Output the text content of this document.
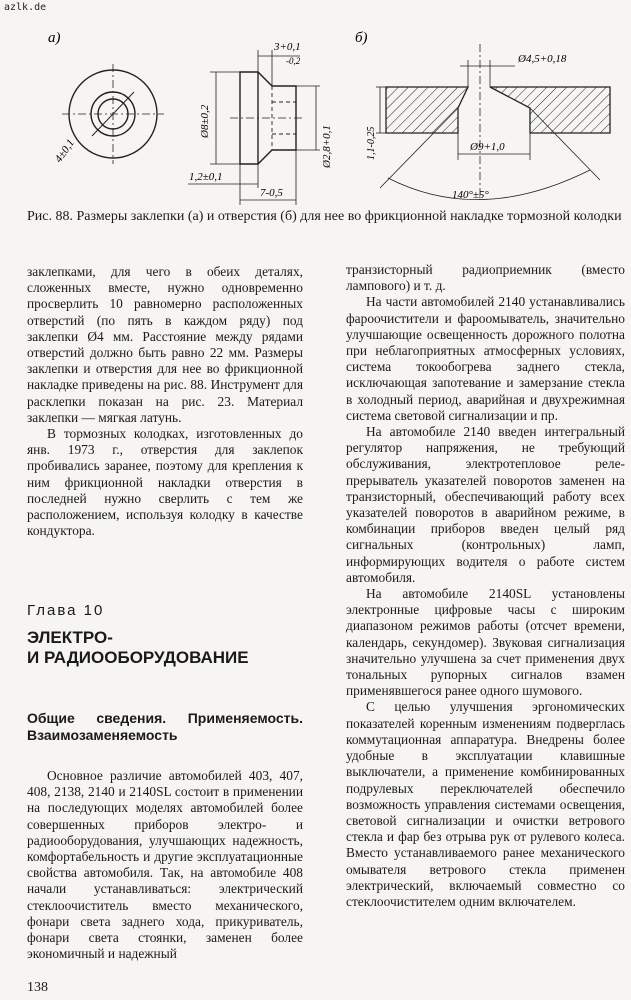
azlk.de
а)
4±0,1
3+0,1
-0,2
Ø8±0,2
Ø2,8+0,1
1,2±0,1
7-0,5
б)
Ø4,5+0,18
Ø9+1,0
1,1-0,25
140°±5°
Рис. 88. Размеры заклепки (а) и отверстия (б) для нее во фрикционной накладке тормозной колодки

заклепками, для чего в обеих деталях, сложенных вместе, нужно одновременно просверлить 10 равномерно расположенных отверстий (по пять в каждом ряду) под заклепки Ø4 мм. Расстояние между рядами отверстий должно быть равно 22 мм. Размеры заклепки и отверстия для нее во фрикционной накладке приведены на рис. 88. Инструмент для расклепки показан на рис. 23. Материал заклепки — мягкая латунь.

В тормозных колодках, изготовленных до янв. 1973 г., отверстия для заклепок пробивались заранее, поэтому для крепления к ним фрикционной накладки отверстия в последней нужно сверлить с тем же расположением, используя колодку в качестве кондуктора.

Глава 10
ЭЛЕКТРО-
И РАДИООБОРУДОВАНИЕ
Общие сведения. Применяемость. Взаимозаменяемость

Основное различие автомобилей 403, 407, 408, 2138, 2140 и 2140SL состоит в применении на последующих моделях автомобилей более совершенных приборов электро- и радиооборудования, улучшающих надежность, комфортабельность и другие эксплуатационные свойства автомобиля. Так, на автомобиле 408 начали устанавливаться: электрический стеклоочиститель вместо механического, фонари света заднего хода, прикуриватель, фонари света стоянки, заменен более экономичный и надежный

транзисторный радиоприемник (вместо лампового) и т. д.

На части автомобилей 2140 устанавливались фароочистители и фароомыватель, значительно улучшающие освещенность дорожного полотна при неблагоприятных атмосферных условиях, система токообогрева заднего стекла, исключающая запотевание и замерзание стекла в холодный период, аварийная и двухрежимная система световой сигнализации и пр.

На автомобиле 2140 введен интегральный регулятор напряжения, не требующий обслуживания, электротепловое реле-прерыватель указателей поворотов заменен на транзисторный, обеспечивающий работу всех указателей поворотов в аварийном режиме, в комбинации приборов введен целый ряд сигнальных (контрольных) ламп, информирующих водителя о работе систем автомобиля.

На автомобиле 2140SL установлены электронные цифровые часы с широким диапазоном режимов работы (отсчет времени, календарь, секундомер). Звуковая сигнализация значительно улучшена за счет применения двух тональных рупорных сигналов взамен применявшегося ранее одного шумового.

С целью улучшения эргономических показателей коренным изменениям подверглась коммутационная аппаратура. Внедрены более удобные в эксплуатации клавишные выключатели, а применение комбинированных подрулевых переключателей обеспечило возможность управления системами освещения, световой сигнализации и очистки ветрового стекла и фар без отрыва рук от рулевого колеса. Вместо устанавливаемого ранее механического омывателя ветрового стекла применен электрический, включаемый совместно со стеклоочистителем одним включателем.

138
